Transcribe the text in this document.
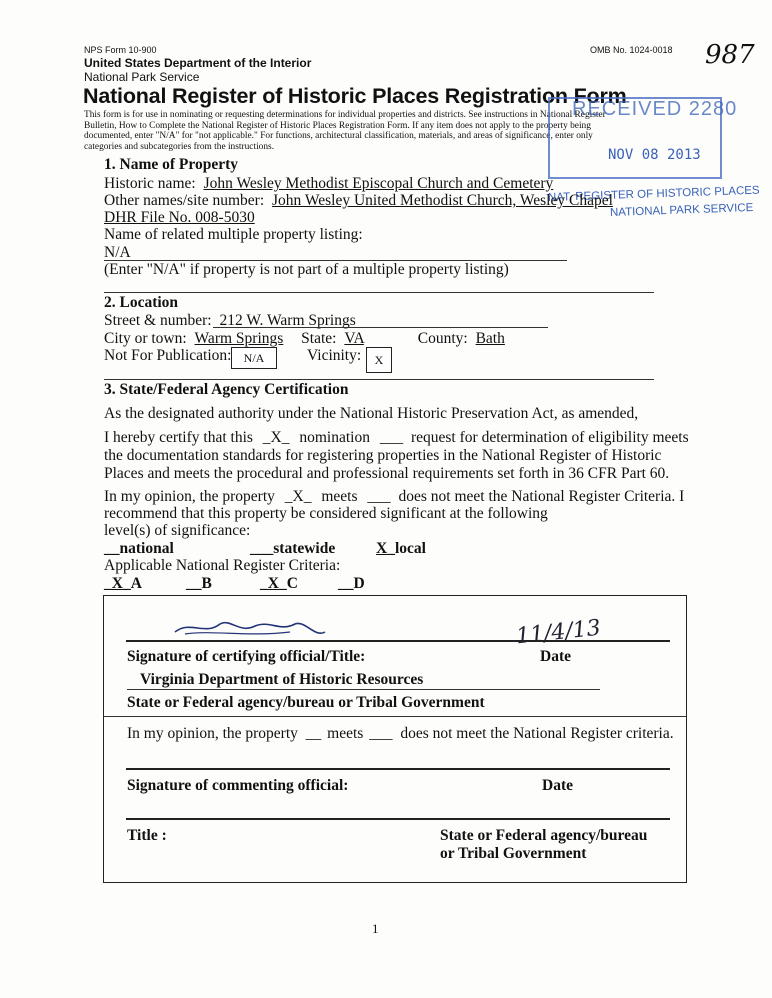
NPS Form 10-900	OMB No. 1024-0018 987
United States Department of the Interior
National Park Service
National Register of Historic Places Registration Form
This form is for use in nominating or requesting determinations for individual properties and districts. See instructions in National Register
Bulletin, How to Complete the National Register of Historic Places Registration Form. If any item does not apply to the property being
documented, enter "N/A" for "not applicable." For functions, architectural classification, materials, and areas of significance, enter only
categories and subcategories from the instructions.
RECEIVED 2280
NOV 08 2013
NAT. REGISTER OF HISTORIC PLACES
NATIONAL PARK SERVICE
1. Name of Property
Historic name: John Wesley Methodist Episcopal Church and Cemetery
Other names/site number: John Wesley United Methodist Church, Wesley Chapel
DHR File No. 008-5030
Name of related multiple property listing:
N/A
(Enter "N/A" if property is not part of a multiple property listing)
2. Location
Street & number: 212 W. Warm Springs
City or town: Warm Springs State: VA	County: Bath
Not For Publication:	N/A	Vicinity:	X
3. State/Federal Agency Certification
As the designated authority under the National Historic Preservation Act, as amended,
I hereby certify that this _X_ nomination ___ request for determination of eligibility meets
the documentation standards for registering properties in the National Register of Historic
Places and meets the procedural and professional requirements set forth in 36 CFR Part 60.
In my opinion, the property _X_ meets ___ does not meet the National Register Criteria. I
recommend that this property be considered significant at the following
level(s) of significance:
__national	___statewide	X_local
Applicable National Register Criteria:
_X_A	__B	_X_C	__D
11/4/13
Signature of certifying official/Title:	Date
Virginia Department of Historic Resources
State or Federal agency/bureau or Tribal Government
In my opinion, the property __ meets ___ does not meet the National Register criteria.
Signature of commenting official:	Date
Title :	State or Federal agency/bureau
or Tribal Government
1
